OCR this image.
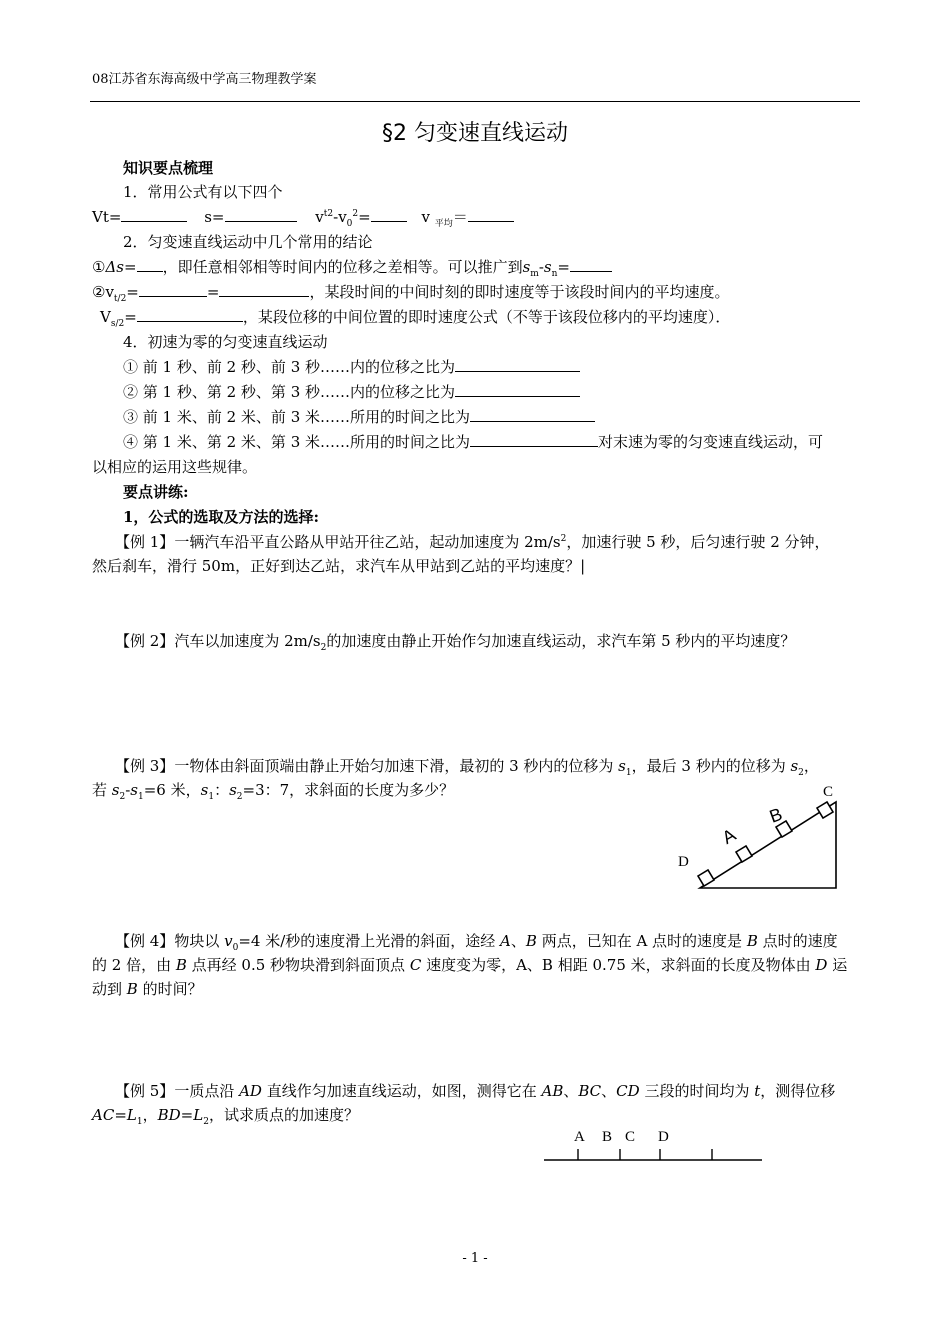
08江苏省东海高级中学高三物理教学案
§2 匀变速直线运动
知识要点梳理
1．常用公式有以下四个
Vt=	s=	$v^{t2}-v_0^2=$	v $_{平均}$＝
2．匀变速直线运动中几个常用的结论
①Δs= ，即任意相邻相等时间内的位移之差相等。可以推广到$s_m-s_n=$
$②v_{t/2}=$	=	，某段时间的中间时刻的即时速度等于该段时间内的平均速度。
$V_{s/2}=$	，某段位移的中间位置的即时速度公式（不等于该段位移内的平均速度）．
4．初速为零的匀变速直线运动
① 前 1 秒、前 2 秒、前 3 秒……内的位移之比为
② 第 1 秒、第 2 秒、第 3 秒……内的位移之比为
③ 前 1 米、前 2 米、前 3 米……所用的时间之比为
④ 第 1 米、第 2 米、第 3 米……所用的时间之比为	对末速为零的匀变速直线运动，可
以相应的运用这些规律。
要点讲练:
1，公式的选取及方法的选择:
【例 1】一辆汽车沿平直公路从甲站开往乙站，起动加速度为 $2m/s^2$，加速行驶 5 秒，后匀速行驶 2 分钟，
然后刹车，滑行 50m，正好到达乙站，求汽车从甲站到乙站的平均速度？|
【例 2】汽车以加速度为 $2m/s_2$的加速度由静止开始作匀加速直线运动，求汽车第 5 秒内的平均速度？
【例 3】一物体由斜面顶端由静止开始匀加速下滑，最初的 3 秒内的位移为 $s_1$，最后 3 秒内的位移为 $s_2$，
若 $s_2-s_1=6$ 米，$s_1$：$s_2=3$：7，求斜面的长度为多少？
D
A
B
C
【例 4】物块以 $v_0=4$ 米/秒的速度滑上光滑的斜面，途经 A、B 两点，已知在 A 点时的速度是 B 点时的速度
的 2 倍，由 B 点再经 0.5 秒物块滑到斜面顶点 C 速度变为零，A、B 相距 0.75 米，求斜面的长度及物体由 D 运
动到 B 的时间？
【例 5】一质点沿 AD 直线作匀加速直线运动，如图，测得它在 AB、BC、CD 三段的时间均为 t，测得位移
$AC=L_1$，$BD=L_2$，试求质点的加速度？
A B C D
- 1 -
